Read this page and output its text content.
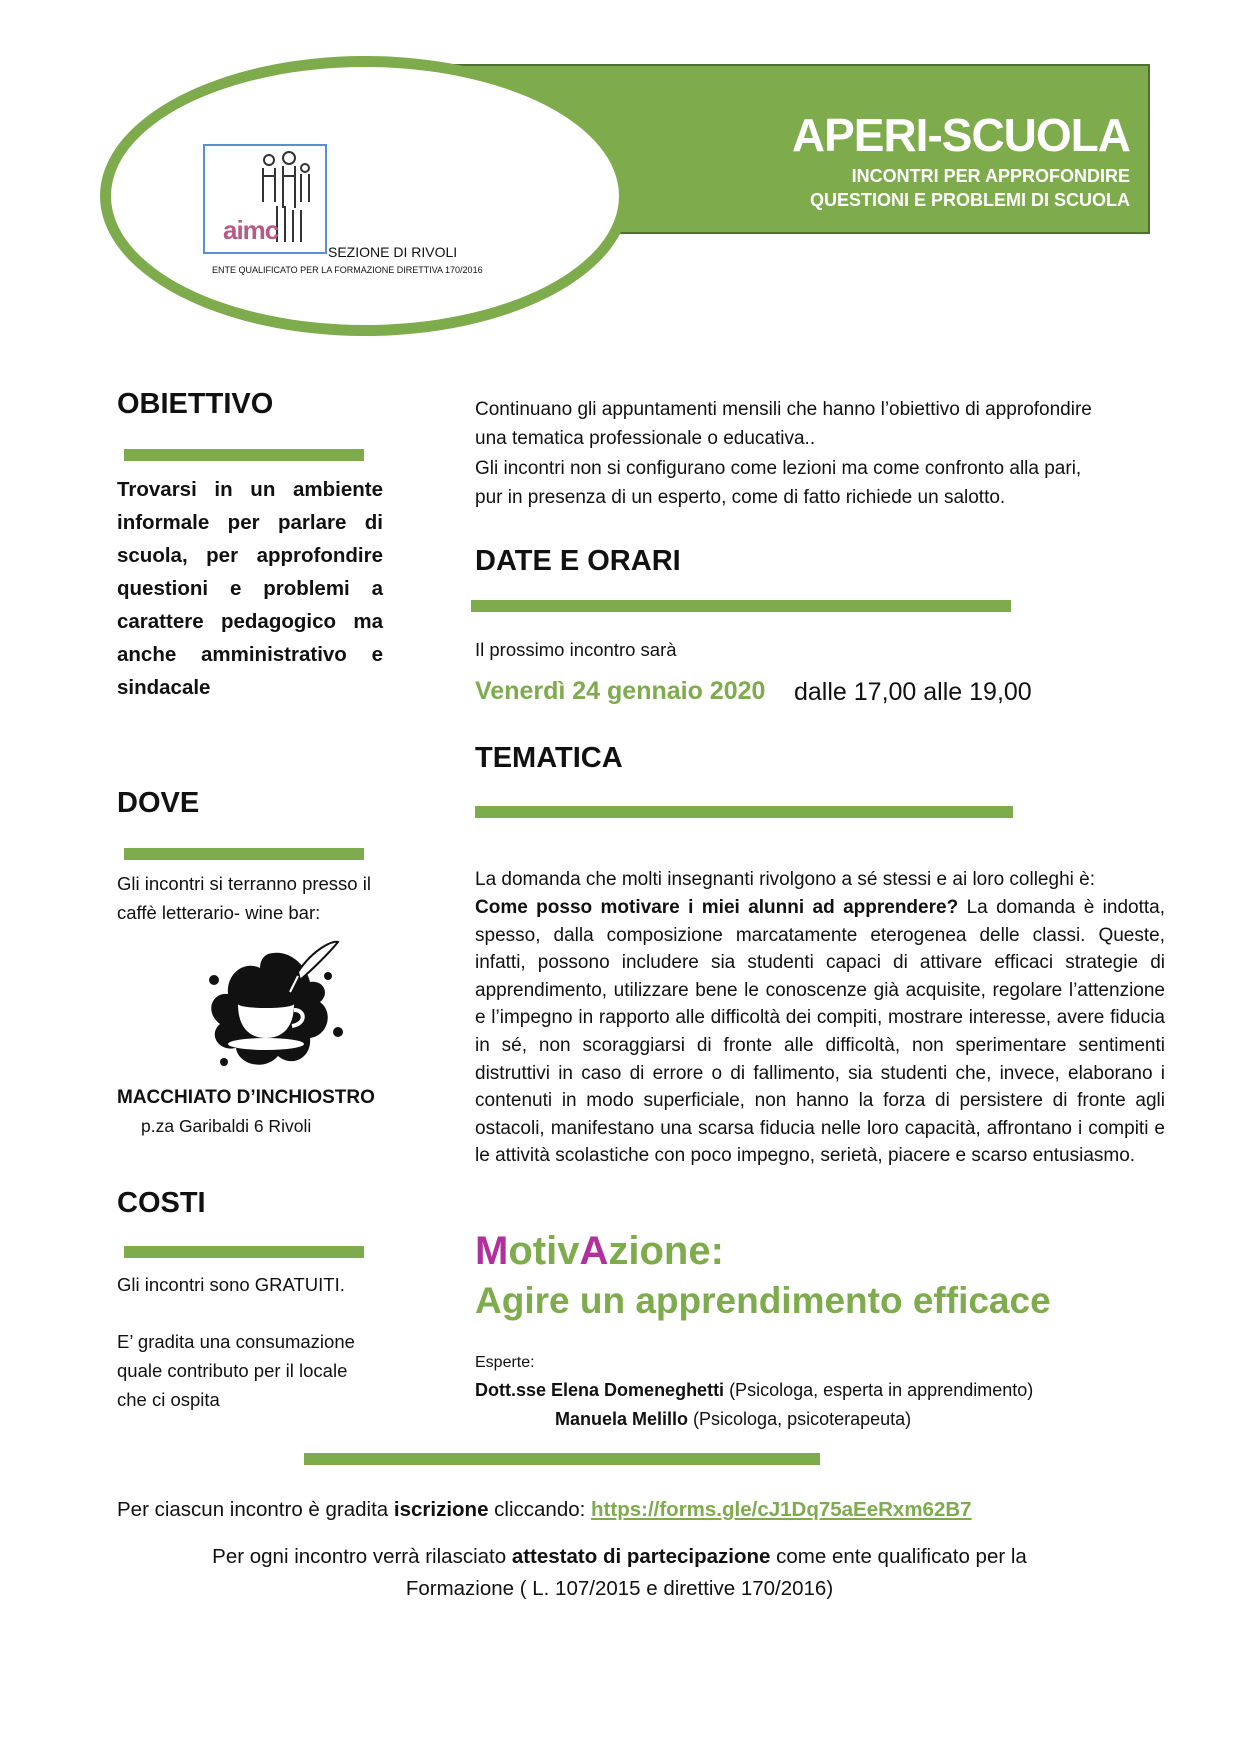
APERI-SCUOLA
INCONTRI PER APPROFONDIRE
QUESTIONI E PROBLEMI DI SCUOLA
aimc
SEZIONE DI RIVOLI
ENTE QUALIFICATO PER LA FORMAZIONE DIRETTIVA 170/2016
OBIETTIVO
Trovarsi in un ambiente informale per parlare di scuola, per approfondire questioni e problemi a carattere pedagogico ma anche amministrativo e sindacale
DOVE
Gli incontri si terranno presso il
caffè letterario- wine bar:
MACCHIATO D’INCHIOSTRO
p.za Garibaldi 6 Rivoli
COSTI
Gli incontri sono GRATUITI.
E’ gradita una consumazione
quale contributo per il locale
che ci ospita
Continuano gli appuntamenti mensili che hanno l’obiettivo di approfondire
una tematica professionale o educativa..
Gli incontri non si configurano come lezioni ma come confronto alla pari,
pur in presenza di un esperto, come di fatto richiede un salotto.
DATE E ORARI
Il prossimo incontro sarà
Venerdì 24 gennaio 2020 dalle 17,00 alle 19,00
TEMATICA
La domanda che molti insegnanti rivolgono a sé stessi e ai loro colleghi è:
Come posso motivare i miei alunni ad apprendere? La domanda è indotta, spesso, dalla composizione marcatamente eterogenea delle classi. Queste, infatti, possono includere sia studenti capaci di attivare efficaci strategie di apprendimento, utilizzare bene le conoscenze già acquisite, regolare l’attenzione e l’impegno in rapporto alle difficoltà dei compiti, mostrare interesse, avere fiducia in sé, non scoraggiarsi di fronte alle difficoltà, non sperimentare sentimenti distruttivi in caso di errore o di fallimento, sia studenti che, invece, elaborano i contenuti in modo superficiale, non hanno la forza di persistere di fronte agli ostacoli, manifestano una scarsa fiducia nelle loro capacità, affrontano i compiti e le attività scolastiche con poco impegno, serietà, piacere e scarso entusiasmo.
MotivAzione:
Agire un apprendimento efficace
Esperte:
Dott.sse Elena Domeneghetti (Psicologa, esperta in apprendimento)
Manuela Melillo (Psicologa, psicoterapeuta)
Per ciascun incontro è gradita iscrizione cliccando: https://forms.gle/cJ1Dq75aEeRxm62B7
Per ogni incontro verrà rilasciato attestato di partecipazione come ente qualificato per la
Formazione ( L. 107/2015 e direttive 170/2016)
